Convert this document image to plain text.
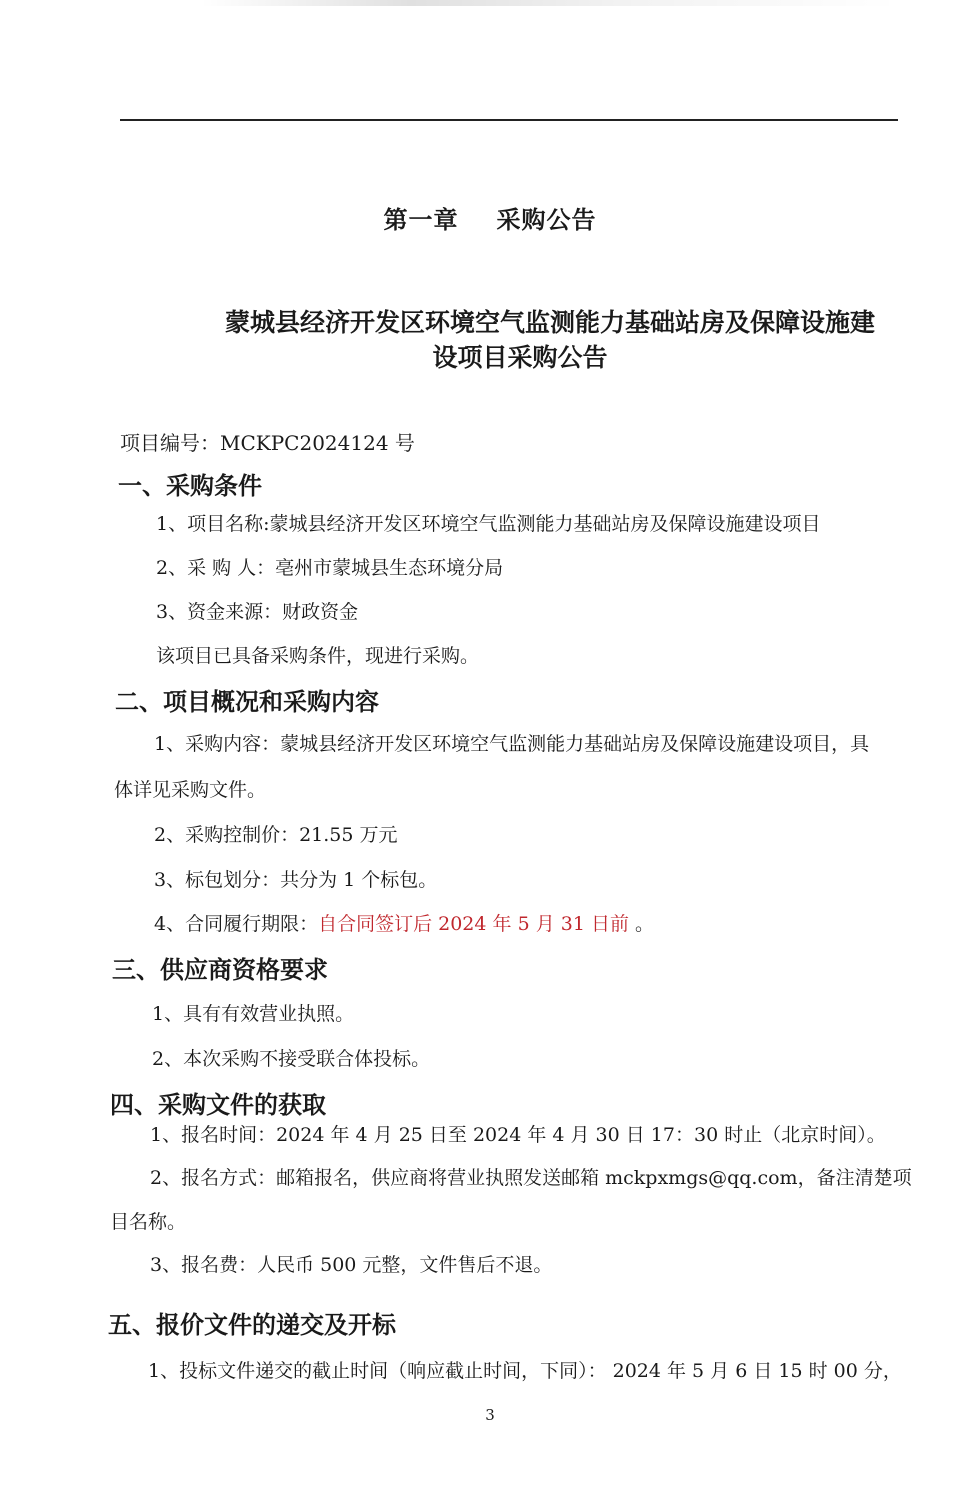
第一章 采购公告
蒙城县经济开发区环境空气监测能力基础站房及保障设施建
设项目采购公告
项目编号：MCKPC2024124 号
一、采购条件
1、项目名称:蒙城县经济开发区环境空气监测能力基础站房及保障设施建设项目
2、采 购 人：亳州市蒙城县生态环境分局
3、资金来源：财政资金
该项目已具备采购条件，现进行采购。
二、项目概况和采购内容
1、采购内容：蒙城县经济开发区环境空气监测能力基础站房及保障设施建设项目，具
体详见采购文件。
2、采购控制价：21.55 万元
3、标包划分：共分为 1 个标包。
4、合同履行期限：自合同签订后 2024 年 5 月 31 日前 。
三、供应商资格要求
1、具有有效营业执照。
2、本次采购不接受联合体投标。
四、采购文件的获取
1、报名时间：2024 年 4 月 25 日至 2024 年 4 月 30 日 17：30 时止（北京时间）。
2、报名方式：邮箱报名，供应商将营业执照发送邮箱 mckpxmgs@qq.com，备注清楚项
目名称。
3、报名费：人民币 500 元整，文件售后不退。
五、报价文件的递交及开标
1、投标文件递交的截止时间（响应截止时间，下同）： 2024 年 5 月 6 日 15 时 00 分，
3
